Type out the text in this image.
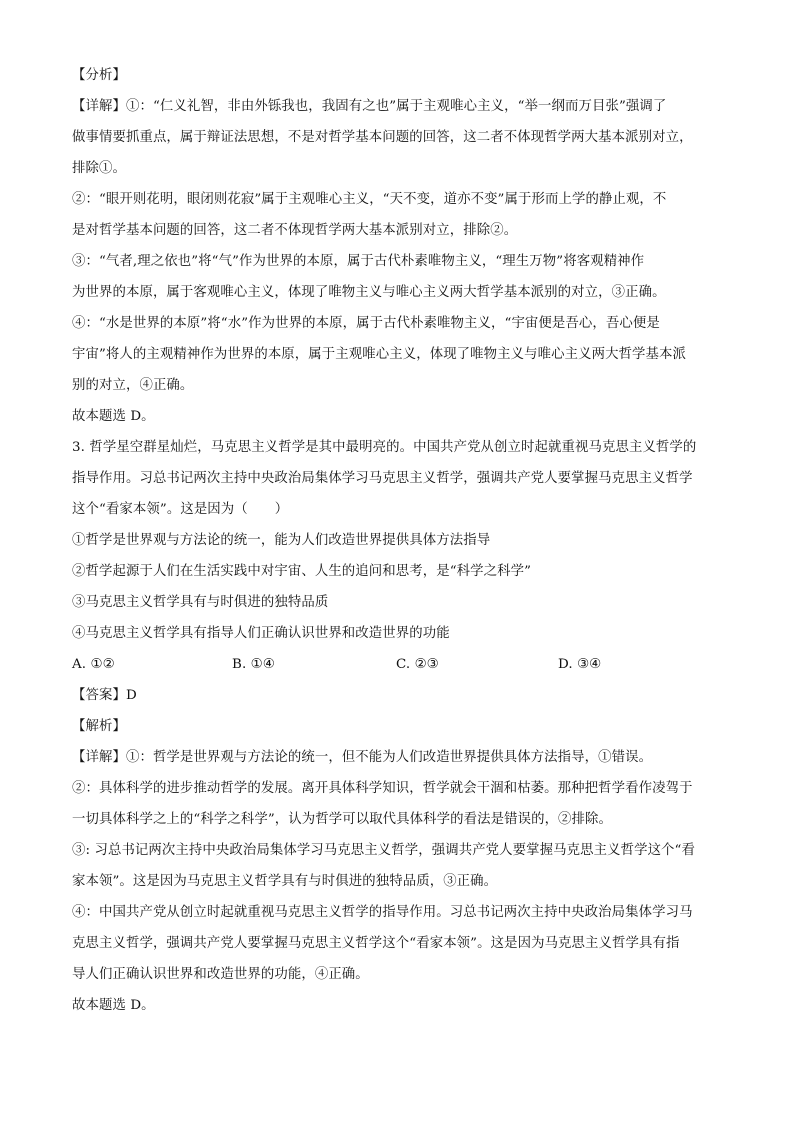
【分析】
【详解】①：“仁义礼智，非由外铄我也，我固有之也”属于主观唯心主义，“举一纲而万目张”强调了
做事情要抓重点，属于辩证法思想，不是对哲学基本问题的回答，这二者不体现哲学两大基本派别对立，
排除①。
②：“眼开则花明，眼闭则花寂”属于主观唯心主义，“天不变，道亦不变”属于形而上学的静止观，不
是对哲学基本问题的回答，这二者不体现哲学两大基本派别对立，排除②。
③：“气者,理之依也”将“气”作为世界的本原，属于古代朴素唯物主义，“理生万物”将客观精神作
为世界的本原，属于客观唯心主义，体现了唯物主义与唯心主义两大哲学基本派别的对立，③正确。
④：“水是世界的本原”将“水”作为世界的本原，属于古代朴素唯物主义，“宇宙便是吾心，吾心便是
宇宙”将人的主观精神作为世界的本原，属于主观唯心主义，体现了唯物主义与唯心主义两大哲学基本派
别的对立，④正确。
故本题选 D。
3. 哲学星空群星灿烂，马克思主义哲学是其中最明亮的。中国共产党从创立时起就重视马克思主义哲学的
指导作用。习总书记两次主持中央政治局集体学习马克思主义哲学，强调共产党人要掌握马克思主义哲学
这个“看家本领”。这是因为（　　）
①哲学是世界观与方法论的统一，能为人们改造世界提供具体方法指导
②哲学起源于人们在生活实践中对宇宙、人生的追问和思考，是“科学之科学”
③马克思主义哲学具有与时俱进的独特品质
④马克思主义哲学具有指导人们正确认识世界和改造世界的功能
A. ①②	B. ①④	C. ②③	D. ③④
【答案】D
【解析】
【详解】①：哲学是世界观与方法论的统一，但不能为人们改造世界提供具体方法指导，①错误。
②：具体科学的进步推动哲学的发展。离开具体科学知识，哲学就会干涸和枯萎。那种把哲学看作凌驾于
一切具体科学之上的“科学之科学”，认为哲学可以取代具体科学的看法是错误的，②排除。
③: 习总书记两次主持中央政治局集体学习马克思主义哲学，强调共产党人要掌握马克思主义哲学这个“看
家本领”。这是因为马克思主义哲学具有与时俱进的独特品质，③正确。
④：中国共产党从创立时起就重视马克思主义哲学的指导作用。习总书记两次主持中央政治局集体学习马
克思主义哲学，强调共产党人要掌握马克思主义哲学这个“看家本领”。这是因为马克思主义哲学具有指
导人们正确认识世界和改造世界的功能，④正确。
故本题选 D。
